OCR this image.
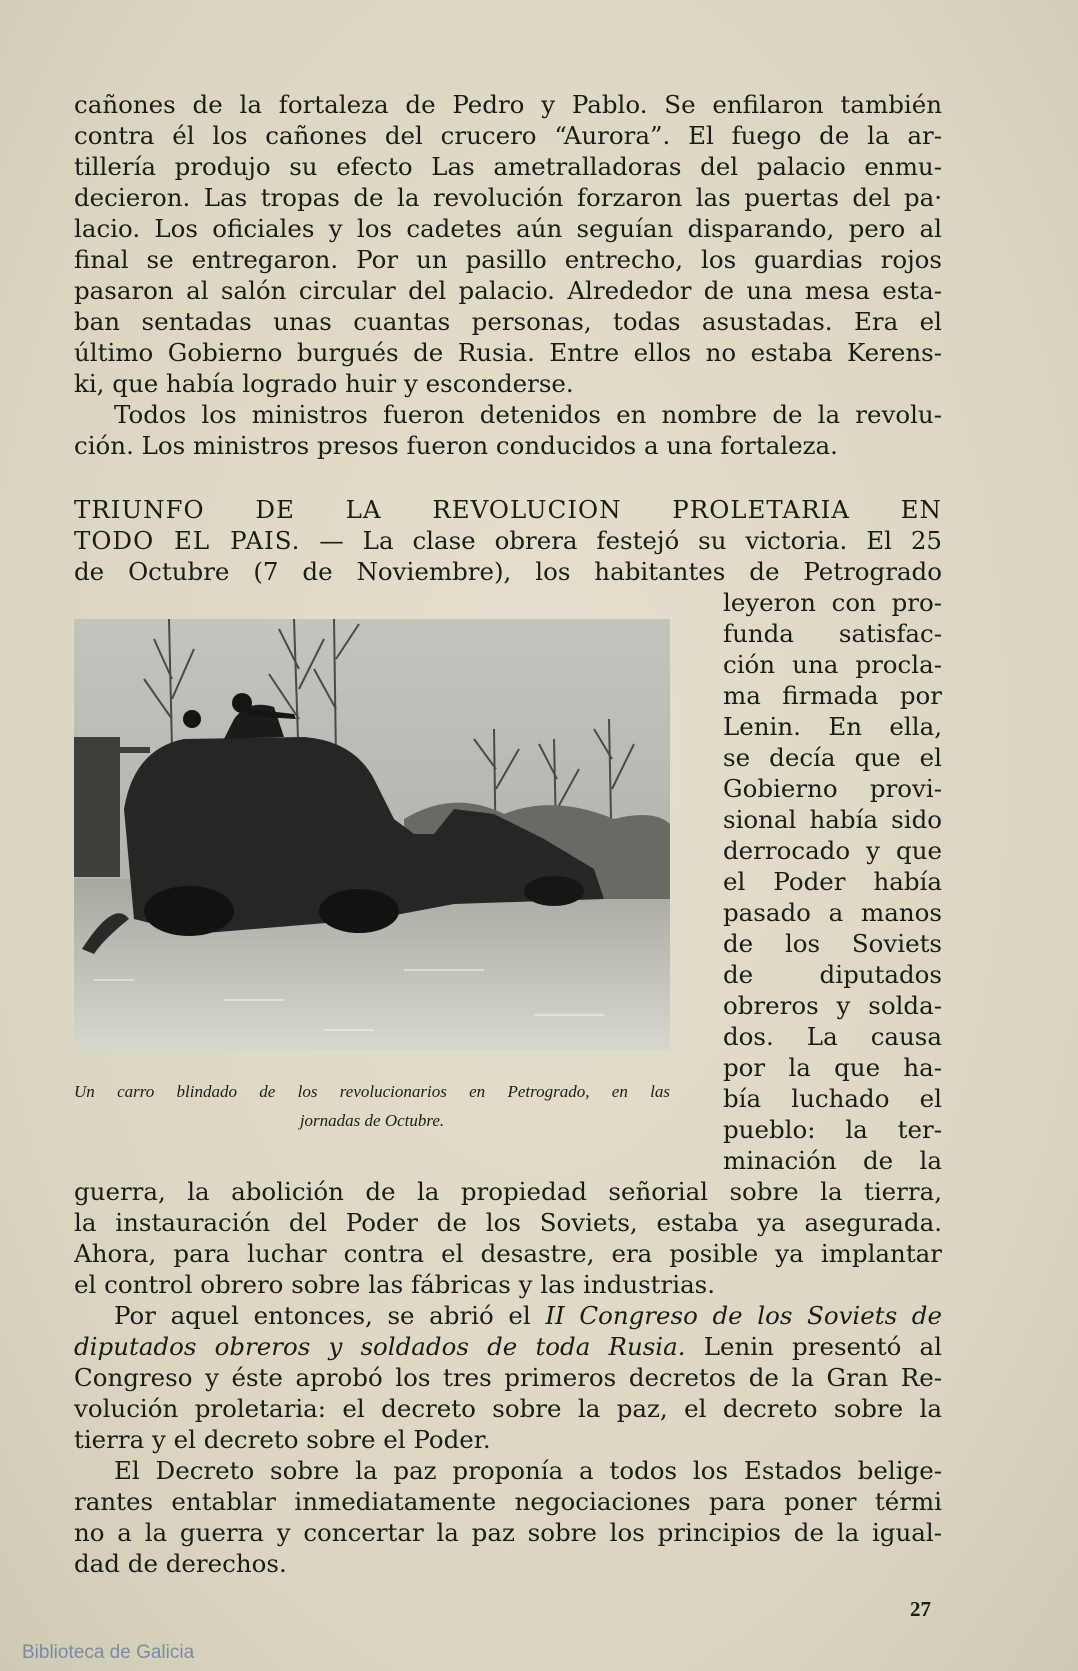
cañones de la fortaleza de Pedro y Pablo. Se enfilaron también
contra él los cañones del crucero “Aurora”. El fuego de la ar-
tillería produjo su efecto Las ametralladoras del palacio enmu-
decieron. Las tropas de la revolución forzaron las puertas del pa·
lacio. Los oficiales y los cadetes aún seguían disparando, pero al
final se entregaron. Por un pasillo entrecho, los guardias rojos
pasaron al salón circular del palacio. Alrededor de una mesa esta-
ban sentadas unas cuantas personas, todas asustadas. Era el
último Gobierno burgués de Rusia. Entre ellos no estaba Kerens-
ki, que había logrado huir y esconderse.
Todos los ministros fueron detenidos en nombre de la revolu-
ción. Los ministros presos fueron conducidos a una fortaleza.
TRIUNFO DE LA REVOLUCION PROLETARIA EN
TODO EL PAIS. — La clase obrera festejó su victoria. El 25
de Octubre (7 de Noviembre), los habitantes de Petrogrado
Un carro blindado de los revolucionarios en Petrogrado, en las
jornadas de Octubre.
leyeron con pro-
funda satisfac-
ción una procla-
ma firmada por
Lenin. En ella,
se decía que el
Gobierno provi-
sional había sido
derrocado y que
el Poder había
pasado a manos
de los Soviets
de diputados
obreros y solda-
dos. La causa
por la que ha-
bía luchado el
pueblo: la ter-
minación de la
guerra, la abolición de la propiedad señorial sobre la tierra,
la instauración del Poder de los Soviets, estaba ya asegurada.
Ahora, para luchar contra el desastre, era posible ya implantar
el control obrero sobre las fábricas y las industrias.
Por aquel entonces, se abrió el II Congreso de los Soviets de
diputados obreros y soldados de toda Rusia. Lenin presentó al
Congreso y éste aprobó los tres primeros decretos de la Gran Re-
volución proletaria: el decreto sobre la paz, el decreto sobre la
tierra y el decreto sobre el Poder.
El Decreto sobre la paz proponía a todos los Estados belige-
rantes entablar inmediatamente negociaciones para poner térmi
no a la guerra y concertar la paz sobre los principios de la igual-
dad de derechos.
27
Biblioteca de Galicia
